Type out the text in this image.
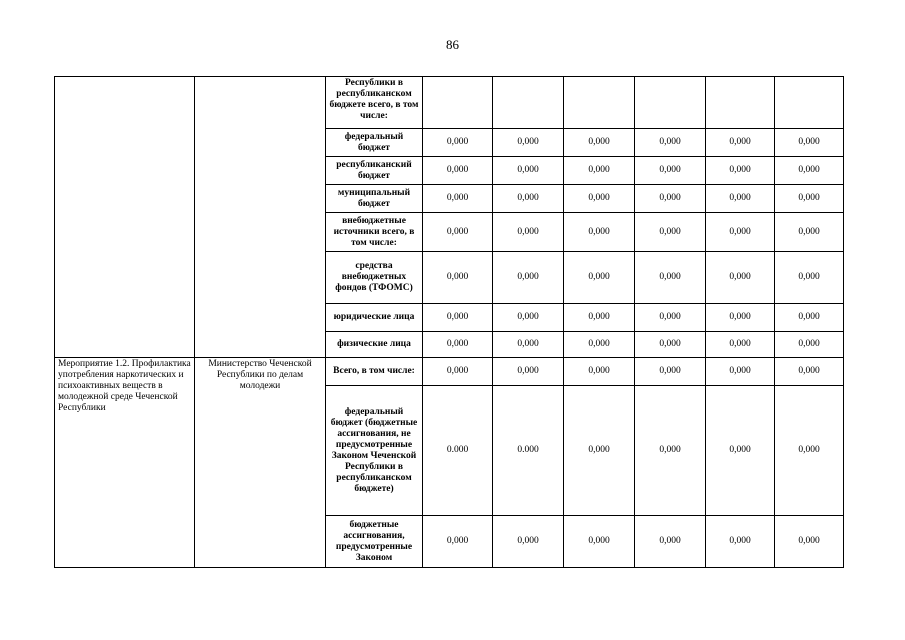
86
		Республики в республиканском бюджете всего, в том числе:						
		федеральный бюджет	0,000	0,000	0,000	0,000	0,000	0,000
		республиканский бюджет	0,000	0,000	0,000	0,000	0,000	0,000
		муниципальный бюджет	0,000	0,000	0,000	0,000	0,000	0,000
		внебюджетные источники всего, в том числе:	0,000	0,000	0,000	0,000	0,000	0,000
		средства внебюджетных фондов (ТФОМС)	0,000	0,000	0,000	0,000	0,000	0,000
		юридические лица	0,000	0,000	0,000	0,000	0,000	0,000
		физические лица	0,000	0,000	0,000	0,000	0,000	0,000
Мероприятие 1.2. Профилактика употребления наркотических и психоактивных веществ в молодежной среде Чеченской Республики	Министерство Чеченской Республики по делам молодежи	Всего, в том числе:	0,000	0,000	0,000	0,000	0,000	0,000
		федеральный бюджет (бюджетные ассигнования, не предусмотренные Законом Чеченской Республики в республиканском бюджете)	0.000	0.000	0,000	0,000	0,000	0,000
		бюджетные ассигнования, предусмотренные Законом	0,000	0,000	0,000	0,000	0,000	0,000
